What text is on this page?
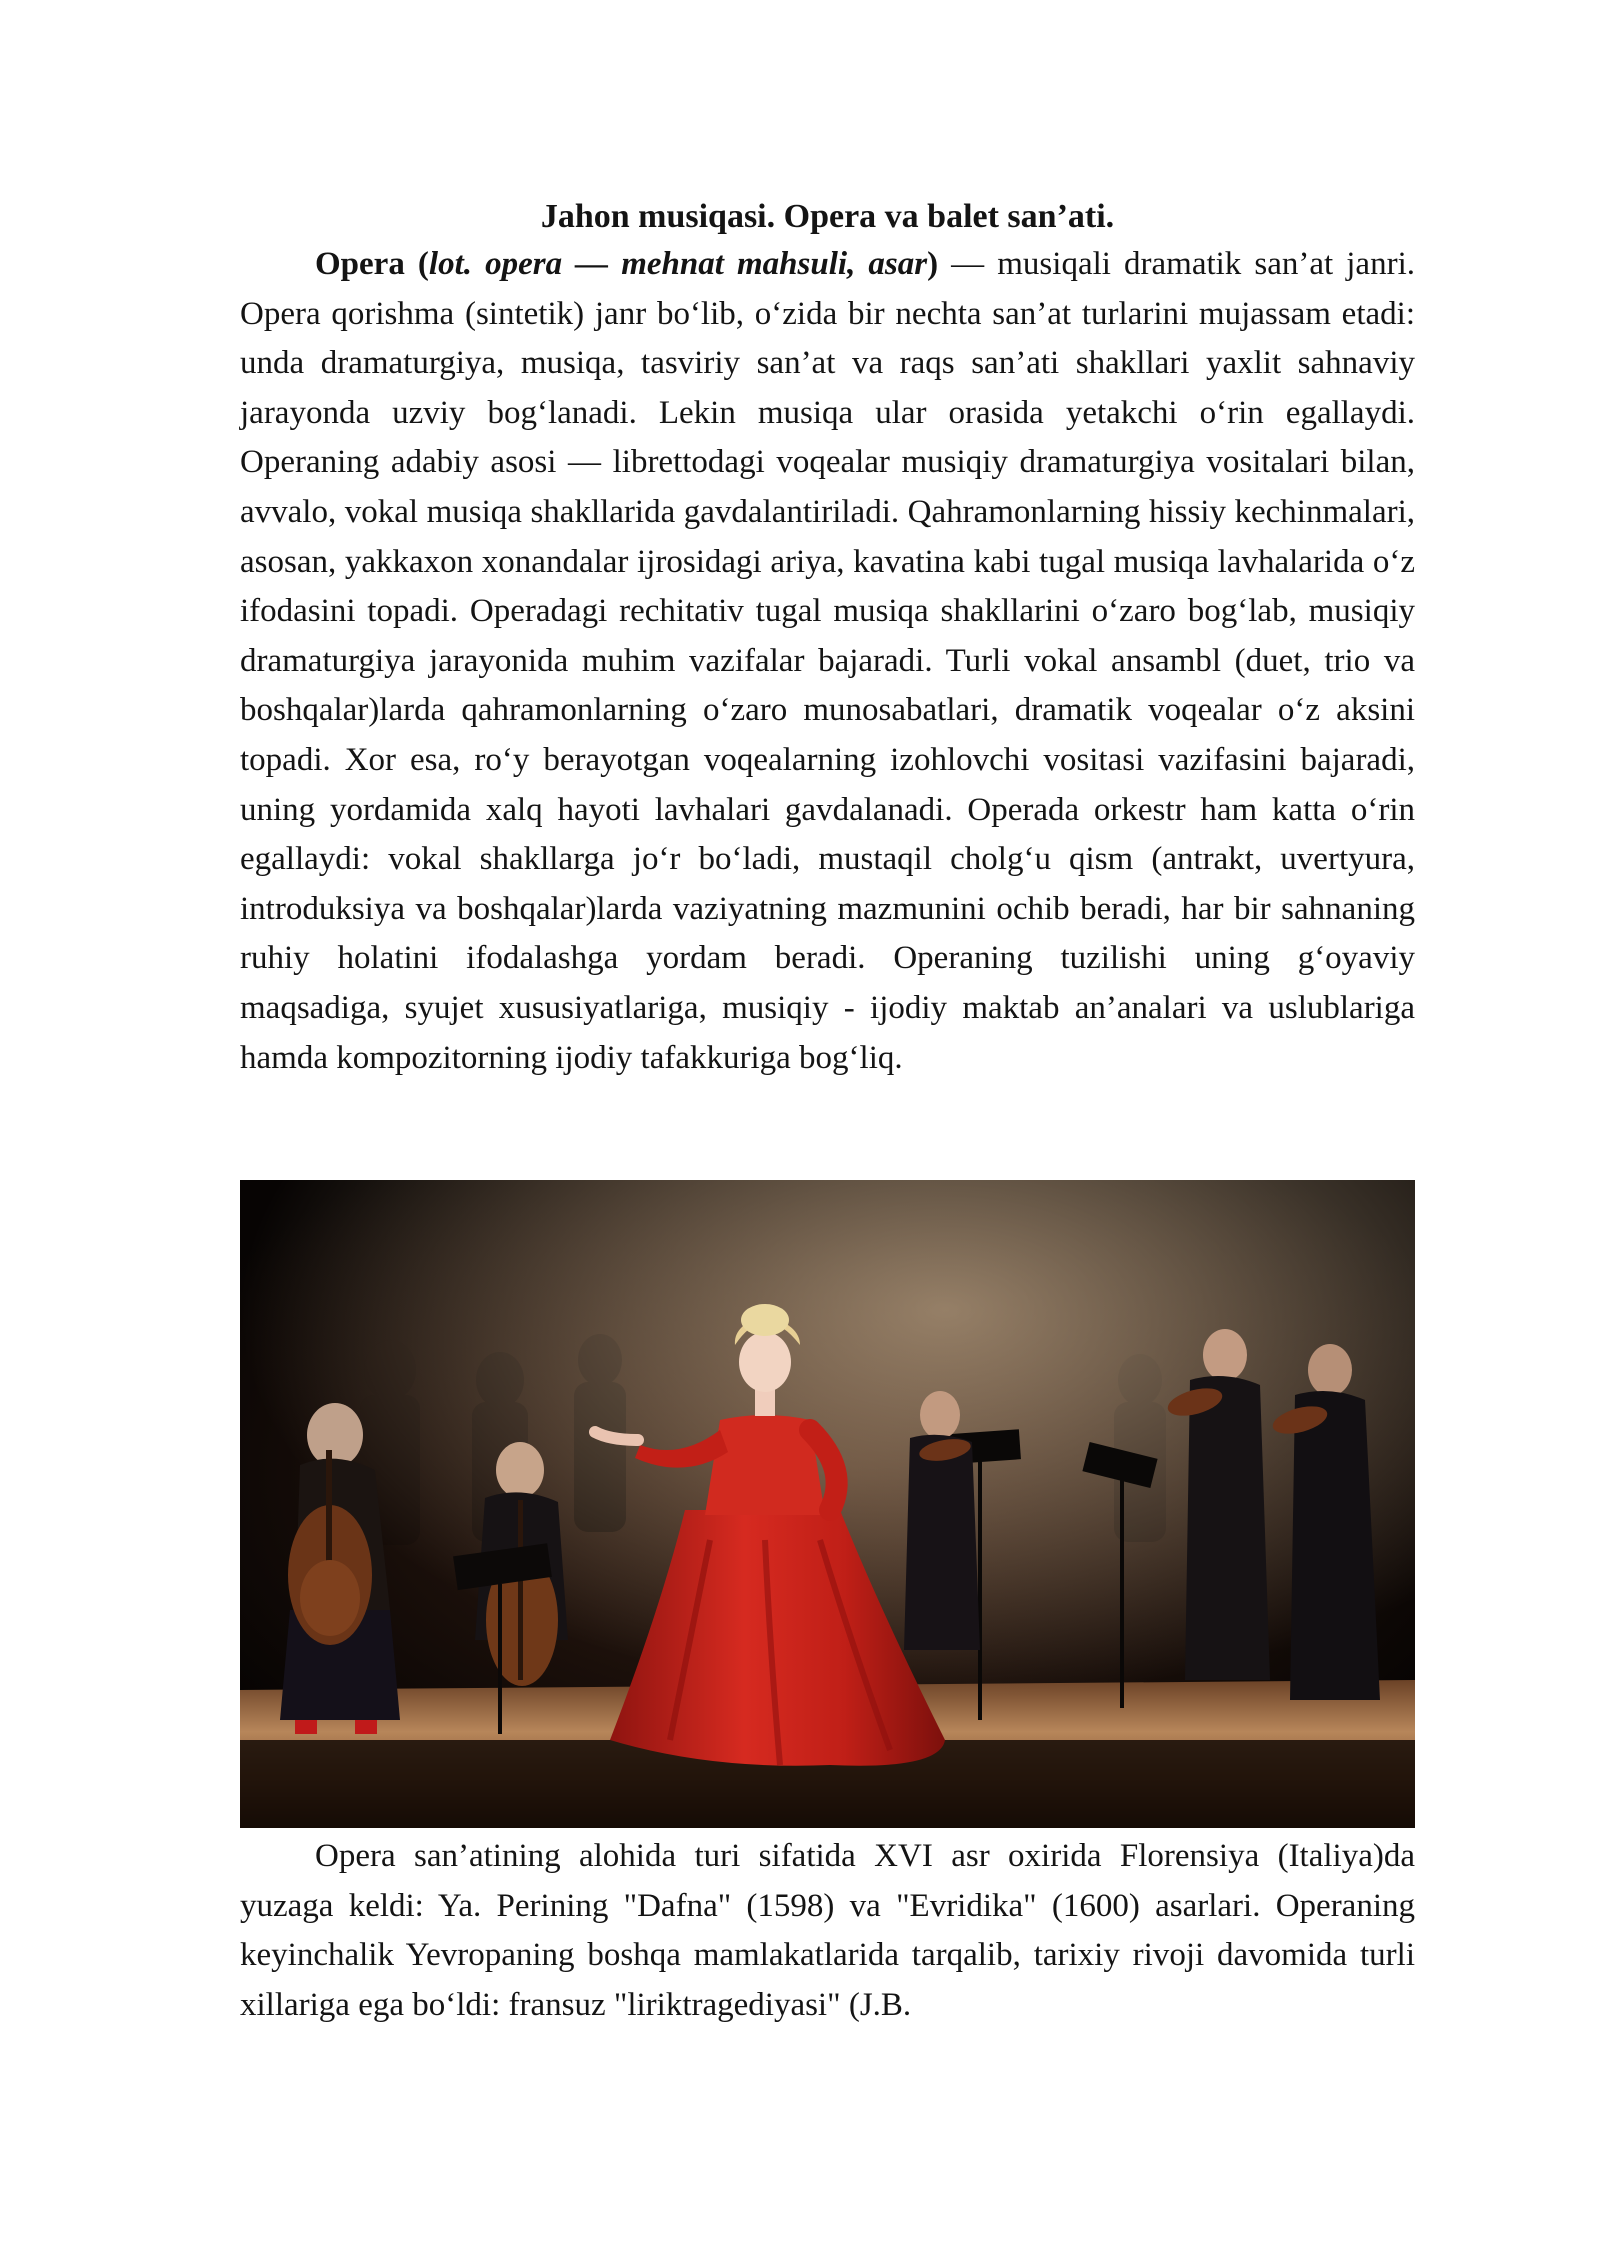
Jahon musiqasi. Opera va balet san’ati.

Opera (lot. opera — mehnat mahsuli, asar) — musiqali dramatik san’at janri. Opera qorishma (sintetik) janr bo‘lib, o‘zida bir nechta san’at turlarini mujassam etadi: unda dramaturgiya, musiqa, tasviriy san’at va raqs san’ati shakllari yaxlit sahnaviy jarayonda uzviy bog‘lanadi. Lekin musiqa ular orasida yetakchi o‘rin egallaydi. Operaning adabiy asosi — librettodagi voqealar musiqiy dramaturgiya vositalari bilan, avvalo, vokal musiqa shakllarida gavdalantiriladi. Qahramonlarning hissiy kechinmalari, asosan, yakkaxon xonandalar ijrosidagi ariya, kavatina kabi tugal musiqa lavhalarida o‘z ifodasini topadi. Operadagi rechitativ tugal musiqa shakllarini o‘zaro bog‘lab, musiqiy dramaturgiya jarayonida muhim vazifalar bajaradi. Turli vokal ansambl (duet, trio va boshqalar)larda qahramonlarning o‘zaro munosabatlari, dramatik voqealar o‘z aksini topadi. Xor esa, ro‘y berayotgan voqealarning izohlovchi vositasi vazifasini bajaradi, uning yordamida xalq hayoti lavhalari gavdalanadi. Operada orkestr ham katta o‘rin egallaydi: vokal shakllarga jo‘r bo‘ladi, mustaqil cholg‘u qism (antrakt, uvertyura, introduksiya va boshqalar)larda vaziyatning mazmunini ochib beradi, har bir sahnaning ruhiy holatini ifodalashga yordam beradi. Operaning tuzilishi uning g‘oyaviy maqsadiga, syujet xususiyatlariga, musiqiy - ijodiy maktab an’analari va uslublariga hamda kompozitorning ijodiy tafakkuriga bog‘liq.

Opera san’atining alohida turi sifatida XVI asr oxirida Florensiya (Italiya)da yuzaga keldi: Ya. Perining "Dafna" (1598) va "Evridika" (1600) asarlari. Operaning keyinchalik Yevropaning boshqa mamlakatlarida tarqalib, tarixiy rivoji davomida turli xillariga ega bo‘ldi: fransuz "liriktragediyasi" (J.B.
